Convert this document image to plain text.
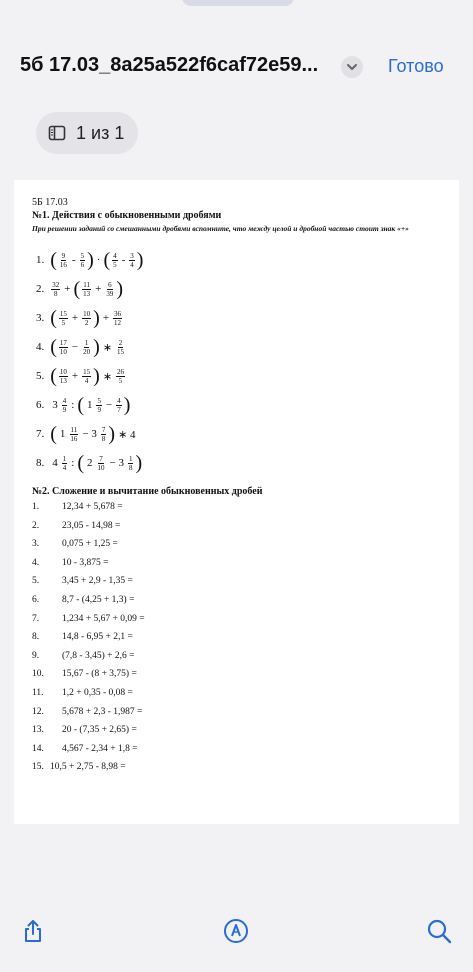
5б 17.03_8a25a522f6caf72e59...	Готово
1 из 1
5Б 17.03
№1. Действия с обыкновенными дробями
При решении заданий со смешанными дробями вспомните, что между целой и дробной частью стоит знак «+»
1. ( $\frac{9}{16} - \frac{5}{6}$ ) · ( $\frac{4}{5} - \frac{3}{4}$ )
2. $\frac{32}{8}$ + ( $\frac{11}{13} + \frac{6}{39}$ )
3. ( $\frac{15}{5} + \frac{10}{2}$ ) + $\frac{36}{12}$
4. ( $\frac{17}{10} - \frac{1}{20}$ ) ∗ $\frac{2}{15}$
5. ( $\frac{10}{13} + \frac{15}{4}$ ) ∗ $\frac{26}{5}$
6. $3 \frac{4}{9}$ : ( $1 \frac{5}{9} - \frac{4}{7}$ )
7. ( $1 \frac{11}{16} - 3 \frac{7}{8}$ ) ∗ 4
8. $4 \frac{1}{4}$ : ( $2 \frac{7}{10} - 3 \frac{1}{8}$ )
№2. Сложение и вычитание обыкновенных дробей
1. 12,34 + 5,678 =
2. 23,05 - 14,98 =
3. 0,075 + 1,25 =
4. 10 - 3,875 =
5. 3,45 + 2,9 - 1,35 =
6. 8,7 - (4,25 + 1,3) =
7. 1,234 + 5,67 + 0,09 =
8. 14,8 - 6,95 + 2,1 =
9. (7,8 - 3,45) + 2,6 =
10. 15,67 - (8 + 3,75) =
11. 1,2 + 0,35 - 0,08 =
12. 5,678 + 2,3 - 1,987 =
13. 20 - (7,35 + 2,65) =
14. 4,567 - 2,34 + 1,8 =
15. 10,5 + 2,75 - 8,98 =
